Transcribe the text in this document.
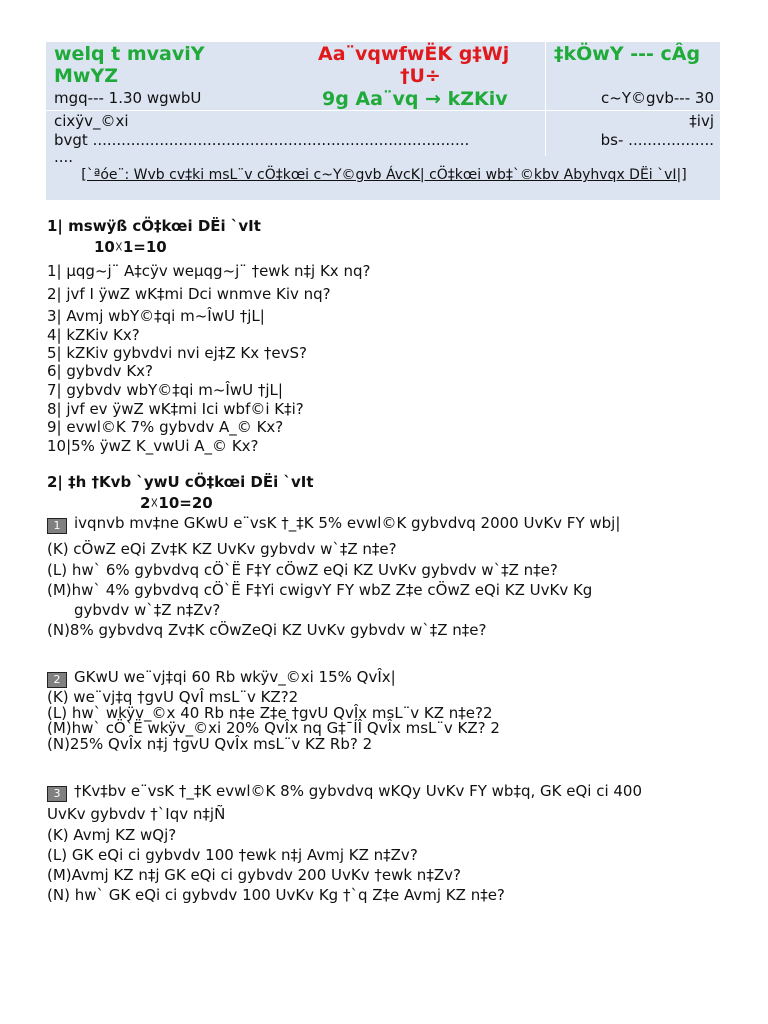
welq t mvaviY
MwYZ
Aa¨vqwfwËK g‡Wj
†U÷
9g Aa¨vq → kZKiv
‡kÖwY --- cÂg
mgq--- 1.30 wgwbU	c~Y©gvb--- 30
cixÿv_©xi	‡ivj
bvgt ...............................................................................
....
bs- ..................
[`ªóe¨: Wvb cv‡ki msL¨v cÖ‡kœi c~Y©gvb ÁvcK| cÖ‡kœi wb‡`©kbv Abyhvqx DËi `vI|]
1| mswÿß cÖ‡kœi DËi `vIt
10☓1=10
1| µqg~j¨ A‡cÿv weµqg~j¨ †ewk n‡j Kx nq?
2| jvf I ÿwZ wK‡mi Dci wnmve Kiv nq?
3| Avmj wbY©‡qi m~ÎwU †jL|
4| kZKiv Kx?
5| kZKiv gybvdvi nvi ej‡Z Kx †evS?
6| gybvdv Kx?
7| gybvdv wbY©‡qi m~ÎwU †jL|
8| jvf ev ÿwZ wK‡mi Ici wbf©i K‡i?
9| evwl©K 7% gybvdv A_© Kx?
10|5% ÿwZ K_vwUi A_© Kx?
2| ‡h †Kvb `ywU cÖ‡kœi DËi `vIt
2☓10=20
1 ivqnvb mv‡ne GKwU e¨vsK †_‡K 5% evwl©K gybvdvq 2000 UvKv FY wbj|
(K) cÖwZ eQi Zv‡K KZ UvKv gybvdv w`‡Z n‡e?
(L) hw` 6% gybvdvq cÖ`Ë F‡Y cÖwZ eQi KZ UvKv gybvdv w`‡Z n‡e?
(M)hw` 4% gybvdvq cÖ`Ë F‡Yi cwigvY FY wbZ Z‡e cÖwZ eQi KZ UvKv Kg
gybvdv w`‡Z n‡Zv?
(N)8% gybvdvq Zv‡K cÖwZeQi KZ UvKv gybvdv w`‡Z n‡e?
2 GKwU we¨vj‡qi 60 Rb wkÿv_©xi 15% QvÎx|
(K) we¨vj‡q †gvU QvÎ msL¨v KZ?2
(L) hw` wkÿv_©x 40 Rb n‡e Z‡e †gvU QvÎx msL¨v KZ n‡e?2
(M)hw` cÖ`Ë wkÿv_©xi 20% QvÎx nq G‡¯ÍÎ QvÎx msL¨v KZ? 2
(N)25% QvÎx n‡j †gvU QvÎx msL¨v KZ Rb? 2
3 †Kv‡bv e¨vsK †_‡K evwl©K 8% gybvdvq wKQy UvKv FY wb‡q, GK eQi ci 400
UvKv gybvdv †`Iqv n‡jÑ
(K) Avmj KZ wQj?
(L) GK eQi ci gybvdv 100 †ewk n‡j Avmj KZ n‡Zv?
(M)Avmj KZ n‡j GK eQi ci gybvdv 200 UvKv †ewk n‡Zv?
(N) hw` GK eQi ci gybvdv 100 UvKv Kg †`q Z‡e Avmj KZ n‡e?
